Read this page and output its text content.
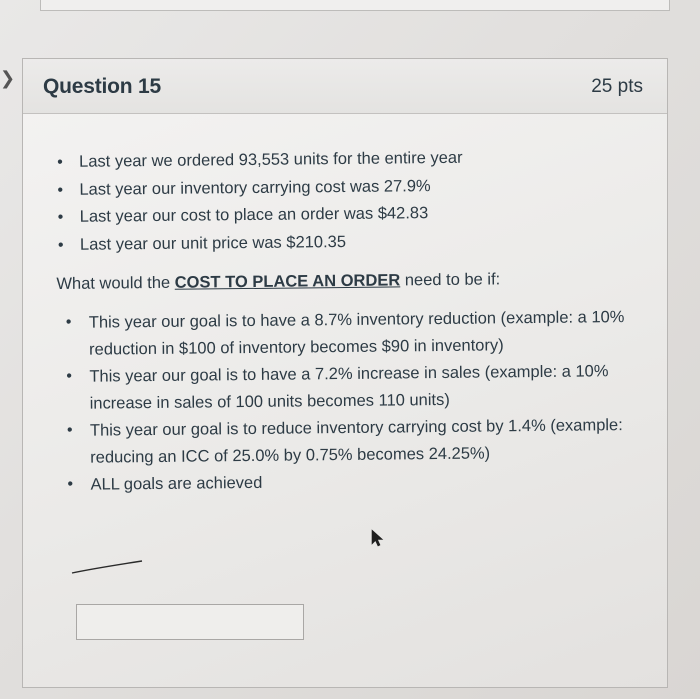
❯ Question 15	25 pts
• Last year we ordered 93,553 units for the entire year
• Last year our inventory carrying cost was 27.9%
• Last year our cost to place an order was $42.83
• Last year our unit price was $210.35
What would the COST TO PLACE AN ORDER need to be if:
• This year our goal is to have a 8.7% inventory reduction (example: a 10% reduction in $100 of inventory becomes $90 in inventory)
• This year our goal is to have a 7.2% increase in sales (example: a 10% increase in sales of 100 units becomes 110 units)
• This year our goal is to reduce inventory carrying cost by 1.4% (example: reducing an ICC of 25.0% by 0.75% becomes 24.25%)
• ALL goals are achieved
